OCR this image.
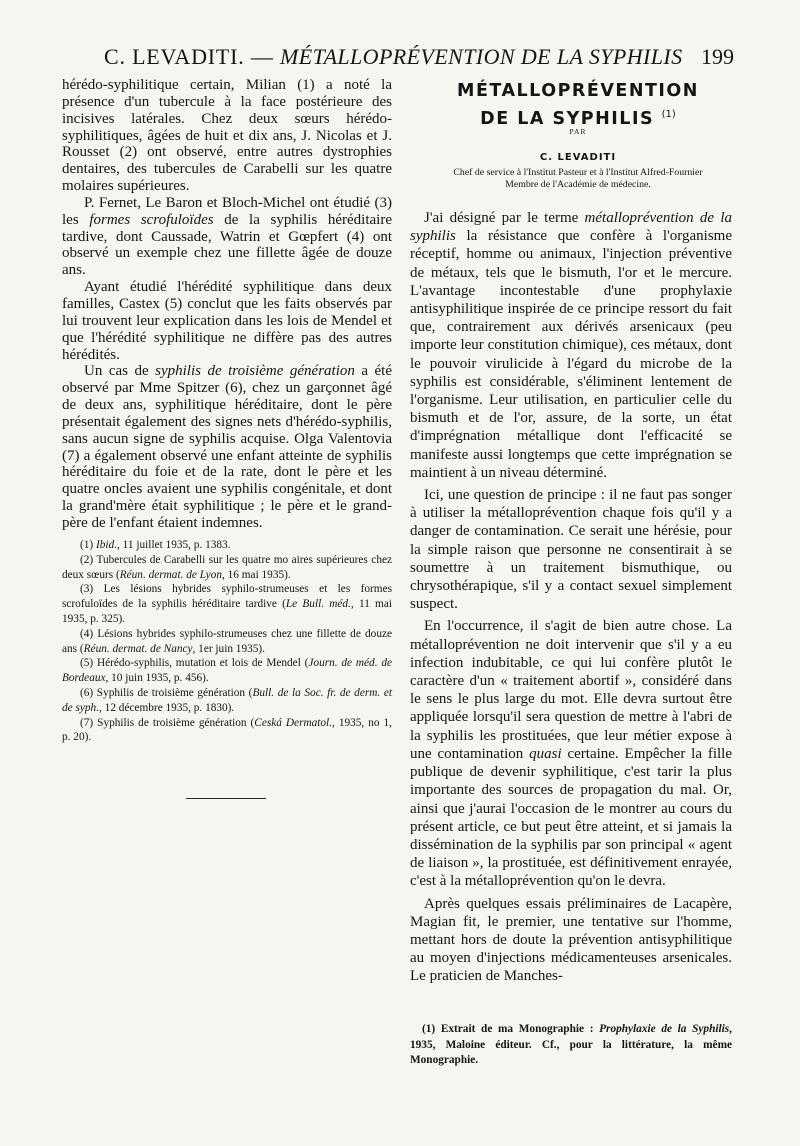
C. LEVADITI. — MÉTALLOPRÉVENTION DE LA SYPHILIS 199

hérédo-syphilitique certain, Milian (1) a noté la présence d'un tubercule à la face postérieure des incisives latérales. Chez deux sœurs hérédo-syphilitiques, âgées de huit et dix ans, J. Nicolas et J. Rousset (2) ont observé, entre autres dystrophies dentaires, des tubercules de Carabelli sur les quatre molaires supérieures.

P. Fernet, Le Baron et Bloch-Michel ont étudié (3) les formes scrofuloïdes de la syphilis héréditaire tardive, dont Caussade, Watrin et Gœpfert (4) ont observé un exemple chez une fillette âgée de douze ans.

Ayant étudié l'hérédité syphilitique dans deux familles, Castex (5) conclut que les faits observés par lui trouvent leur explication dans les lois de Mendel et que l'hérédité syphilitique ne diffère pas des autres hérédités.

Un cas de syphilis de troisième génération a été observé par Mme Spitzer (6), chez un garçonnet âgé de deux ans, syphilitique héréditaire, dont le père présentait également des signes nets d'hérédo-syphilis, sans aucun signe de syphilis acquise. Olga Valentovia (7) a également observé une enfant atteinte de syphilis héréditaire du foie et de la rate, dont le père et les quatre oncles avaient une syphilis congénitale, et dont la grand'mère était syphilitique ; le père et le grand-père de l'enfant étaient indemnes.

(1) Ibid., 11 juillet 1935, p. 1383.

(2) Tubercules de Carabelli sur les quatre mo aires supérieures chez deux sœurs (Réun. dermat. de Lyon, 16 mai 1935).

(3) Les lésions hybrides syphilo-strumeuses et les formes scrofuloïdes de la syphilis héréditaire tardive (Le Bull. méd., 11 mai 1935, p. 325).

(4) Lésions hybrides syphilo-strumeuses chez une fillette de douze ans (Réun. dermat. de Nancy, 1er juin 1935).

(5) Hérédo-syphilis, mutation et lois de Mendel (Journ. de méd. de Bordeaux, 10 juin 1935, p. 456).

(6) Syphilis de troisième génération (Bull. de la Soc. fr. de derm. et de syph., 12 décembre 1935, p. 1830).

(7) Syphilis de troisième génération (Ceská Dermatol., 1935, no 1, p. 20).

MÉTALLOPRÉVENTION
DE LA SYPHILIS $^{(1)}$
PAR
C. LEVADITI
Chef de service à l'Institut Pasteur et à l'Institut Alfred-Fournier
Membre de l'Académie de médecine.

J'ai désigné par le terme métalloprévention de la syphilis la résistance que confère à l'organisme réceptif, homme ou animaux, l'injection préventive de métaux, tels que le bismuth, l'or et le mercure. L'avantage incontestable d'une prophylaxie antisyphilitique inspirée de ce principe ressort du fait que, contrairement aux dérivés arsenicaux (peu importe leur constitution chimique), ces métaux, dont le pouvoir virulicide à l'égard du microbe de la syphilis est considérable, s'éliminent lentement de l'organisme. Leur utilisation, en particulier celle du bismuth et de l'or, assure, de la sorte, un état d'imprégnation métallique dont l'efficacité se manifeste aussi longtemps que cette imprégnation se maintient à un niveau déterminé.

Ici, une question de principe : il ne faut pas songer à utiliser la métalloprévention chaque fois qu'il y a danger de contamination. Ce serait une hérésie, pour la simple raison que personne ne consentirait à se soumettre à un traitement bismuthique, ou chrysothérapique, s'il y a contact sexuel simplement suspect.

En l'occurrence, il s'agit de bien autre chose. La métalloprévention ne doit intervenir que s'il y a eu infection indubitable, ce qui lui confère plutôt le caractère d'un « traitement abortif », considéré dans le sens le plus large du mot. Elle devra surtout être appliquée lorsqu'il sera question de mettre à l'abri de la syphilis les prostituées, que leur métier expose à une contamination quasi certaine. Empêcher la fille publique de devenir syphilitique, c'est tarir la plus importante des sources de propagation du mal. Or, ainsi que j'aurai l'occasion de le montrer au cours du présent article, ce but peut être atteint, et si jamais la dissémination de la syphilis par son principal « agent de liaison », la prostituée, est définitivement enrayée, c'est à la métalloprévention qu'on le devra.

Après quelques essais préliminaires de Lacapère, Magian fit, le premier, une tentative sur l'homme, mettant hors de doute la prévention antisyphilitique au moyen d'injections médicamenteuses arsenicales. Le praticien de Manches-

(1) Extrait de ma Monographie : Prophylaxie de la Syphilis, 1935, Maloine éditeur. Cf., pour la littérature, la même Monographie.
